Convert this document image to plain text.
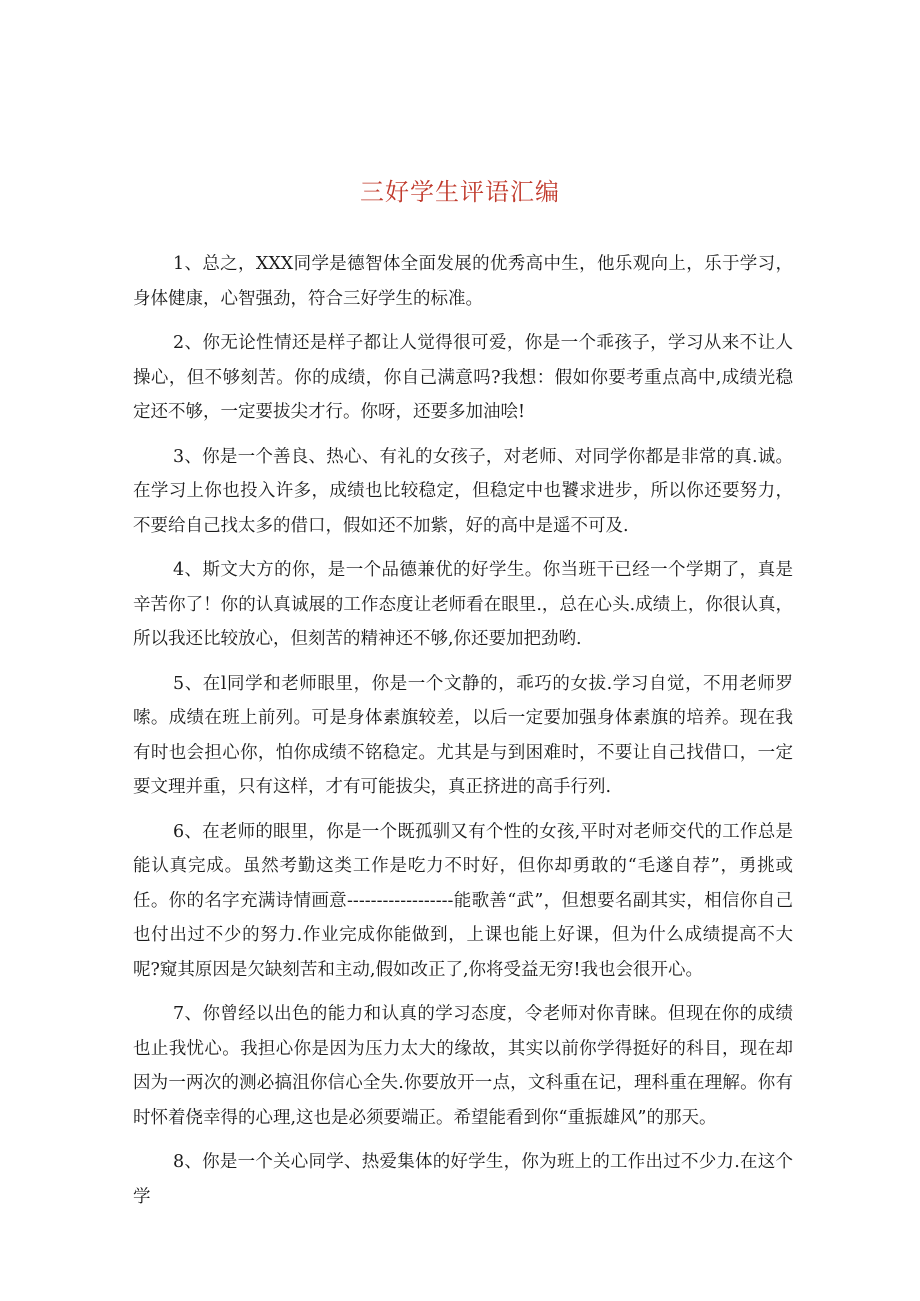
三好学生评语汇编

1、总之，XXX同学是德智体全面发展的优秀高中生，他乐观向上，乐于学习，身体健康，心智强劲，符合三好学生的标准。

2、你无论性情还是样子都让人觉得很可爱，你是一个乖孩子，学习从来不让人操心，但不够刻苦。你的成绩，你自己满意吗?我想：假如你要考重点高中,成绩光稳定还不够，一定要拔尖才行。你呀，还要多加油哙!

3、你是一个善良、热心、有礼的女孩子，对老师、对同学你都是非常的真.诚。在学习上你也投入许多，成绩也比较稳定，但稳定中也饕求进步，所以你还要努力，不要给自己找太多的借口，假如还不加紫，好的高中是遥不可及.

4、斯文大方的你，是一个品德兼优的好学生。你当班干已经一个学期了，真是辛苦你了！你的认真诚展的工作态度让老师看在眼里.，总在心头.成绩上，你很认真，所以我还比较放心，但刻苦的精神还不够,你还要加把劲哟.

5、在l同学和老师眼里，你是一个文静的，乖巧的女拔.学习自觉，不用老师罗嗦。成绩在班上前列。可是身体素旗较差，以后一定要加强身体素旗的培养。现在我有时也会担心你，怕你成绩不铭稳定。尤其是与到困难时，不要让自己找借口，一定要文理并重，只有这样，才有可能拔尖，真正挤进的高手行列.

6、在老师的眼里，你是一个既孤驯又有个性的女孩,平时对老师交代的工作总是能认真完成。虽然考勤这类工作是吃力不时好，但你却勇敢的“毛遂自荐”，勇挑或任。你的名字充满诗情画意------------------能歌善“武”，但想要名副其实，相信你自己也付出过不少的努力.作业完成你能做到，上课也能上好课，但为什么成绩提高不大呢?窥其原因是欠缺刻苦和主动,假如改正了,你将受益无穷!我也会很开心。

7、你曾经以出色的能力和认真的学习态度，令老师对你青睐。但现在你的成绩也止我忧心。我担心你是因为压力太大的缘故，其实以前你学得挺好的科目，现在却因为一两次的测必搞沮你信心全失.你要放开一点，文科重在记，理科重在理解。你有时怀着侥幸得的心理,这也是必须要端正。希望能看到你“重振雄风”的那天。

8、你是一个关心同学、热爱集体的好学生，你为班上的工作出过不少力.在这个学
